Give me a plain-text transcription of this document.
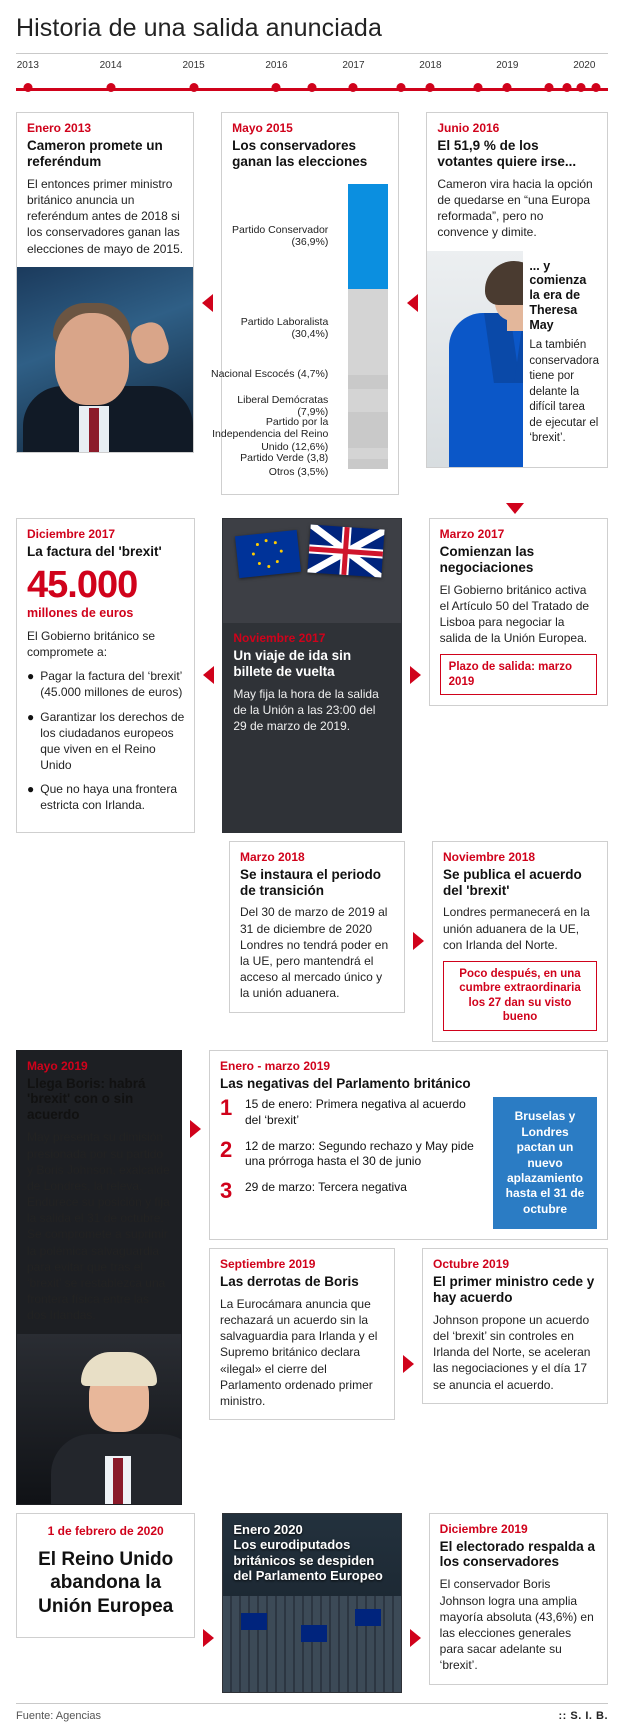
Historia de una salida anunciada
2013	2014	2015	2016	2017	2018	2019	2020
Enero 2013
Cameron promete un referéndum
El entonces primer ministro británico anuncia un referéndum antes de 2018 si los conservadores ganan las elecciones de mayo de 2015.
Mayo 2015
Los conservadores ganan las elecciones
Partido Conservador (36,9%)
Partido Laboralista (30,4%)
Nacional Escocés (4,7%)
Liberal Demócratas (7,9%)
Partido por la Independencia del Reino Unido (12,6%)
Partido Verde (3,8)
Otros (3,5%)
Junio 2016
El 51,9 % de los votantes quiere irse...
Cameron vira hacia la opción de quedarse en “una Europa reformada”, pero no convence y dimite.
... y comienza la era de Theresa May
La también conservadora tiene por delante la difícil tarea de ejecutar el ‘brexit’.
Diciembre 2017
La factura del 'brexit'
45.000
millones de euros
El Gobierno británico se compromete a:
● Pagar la factura del ‘brexit’ (45.000 millones de euros)
● Garantizar los derechos de los ciudadanos europeos que viven en el Reino Unido
● Que no haya una frontera estricta con Irlanda.
Noviembre 2017
Un viaje de ida sin billete de vuelta
May fija la hora de la salida de la Unión a las 23:00 del 29 de marzo de 2019.
Marzo 2017
Comienzan las negociaciones
El Gobierno británico activa el Artículo 50 del Tratado de Lisboa para negociar la salida de la Unión Europea.
Plazo de salida: marzo 2019
Marzo 2018
Se instaura el periodo de transición
Del 30 de marzo de 2019 al 31 de diciembre de 2020 Londres no tendrá poder en la UE, pero mantendrá el acceso al mercado único y la unión aduanera.
Noviembre 2018
Se publica el acuerdo del 'brexit'
Londres permanecerá en la unión aduanera de la UE, con Irlanda del Norte.
Poco después, en una cumbre extraordinaria los 27 dan su visto bueno
Mayo 2019
Llega Boris: habrá 'brexit' con o sin acuerdo
May presenta su dimisión presionada por su partido y Boris Johnson, exalcalde de Londres, la releva. Endurece su posición y fija la salida el 31 de octubre. Se compromete a suprimir la polémica salvaguardia para evitar que tras el ‘brexit’ se restablezca una frontera física entre las dos Irlandas.
Enero - marzo 2019
Las negativas del Parlamento británico
1	15 de enero: Primera negativa al acuerdo del ‘brexit’
2	12 de marzo: Segundo rechazo y May pide una prórroga hasta el 30 de junio
3	29 de marzo: Tercera negativa
Bruselas y Londres pactan un nuevo aplazamiento hasta el 31 de octubre
Septiembre 2019
Las derrotas de Boris
La Eurocámara anuncia que rechazará un acuerdo sin la salvaguardia para Irlanda y el Supremo británico declara «ilegal» el cierre del Parlamento ordenado primer ministro.
Octubre 2019
El primer ministro cede y hay acuerdo
Johnson propone un acuerdo del ‘brexit’ sin controles en Irlanda del Norte, se aceleran las negociaciones y el día 17 se anuncia el acuerdo.
1 de febrero de 2020
El Reino Unido abandona la Unión Europea
Enero 2020
Los eurodiputados británicos se despiden del Parlamento Europeo
Diciembre 2019
El electorado respalda a los conservadores
El conservador Boris Johnson logra una amplia mayoría absoluta (43,6%) en las elecciones generales para sacar adelante su ‘brexit’.
Fuente: Agencias	:: S. I. B.
